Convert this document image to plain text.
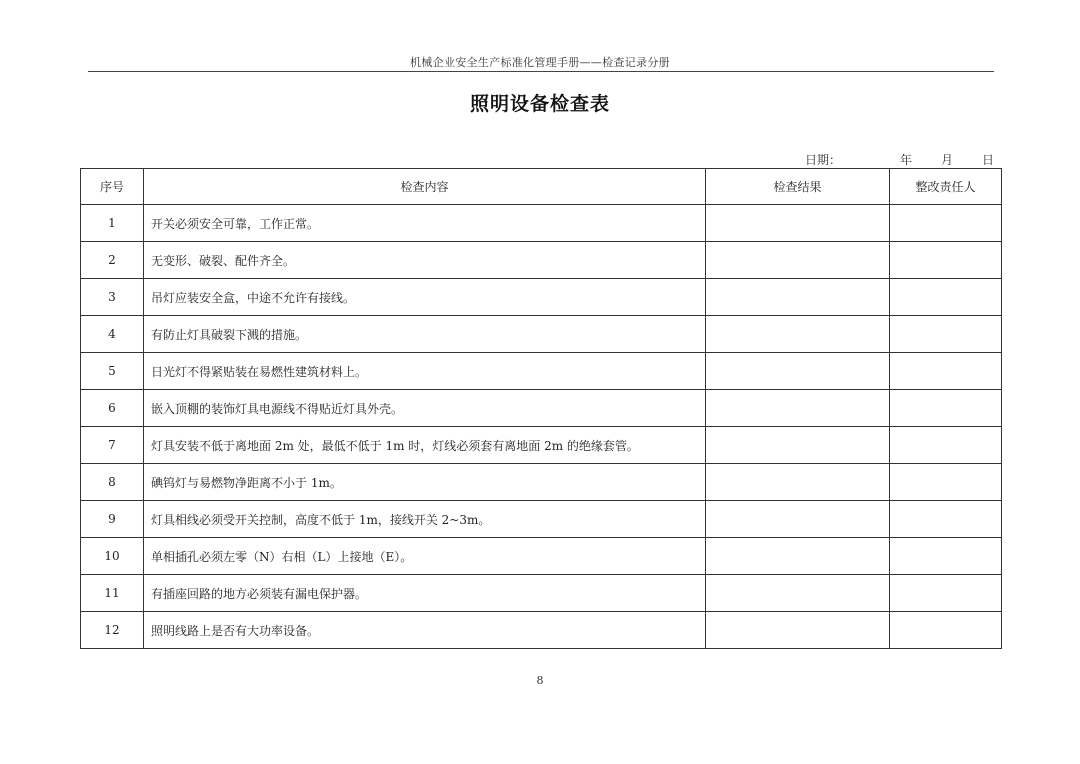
机械企业安全生产标准化管理手册——检查记录分册
照明设备检查表
日期：	年 月 日
序号	检查内容	检查结果	整改责任人
1	开关必须安全可靠，工作正常。		
2	无变形、破裂、配件齐全。		
3	吊灯应装安全盒，中途不允许有接线。		
4	有防止灯具破裂下溅的措施。		
5	日光灯不得紧贴装在易燃性建筑材料上。		
6	嵌入顶棚的装饰灯具电源线不得贴近灯具外壳。		
7	灯具安装不低于离地面 2m 处，最低不低于 1m 时，灯线必须套有离地面 2m 的绝缘套管。		
8	碘钨灯与易燃物净距离不小于 1m。		
9	灯具相线必须受开关控制，高度不低于 1m，接线开关 2~3m。		
10	单相插孔必须左零（N）右相（L）上接地（E）。		
11	有插座回路的地方必须装有漏电保护器。		
12	照明线路上是否有大功率设备。		
8
